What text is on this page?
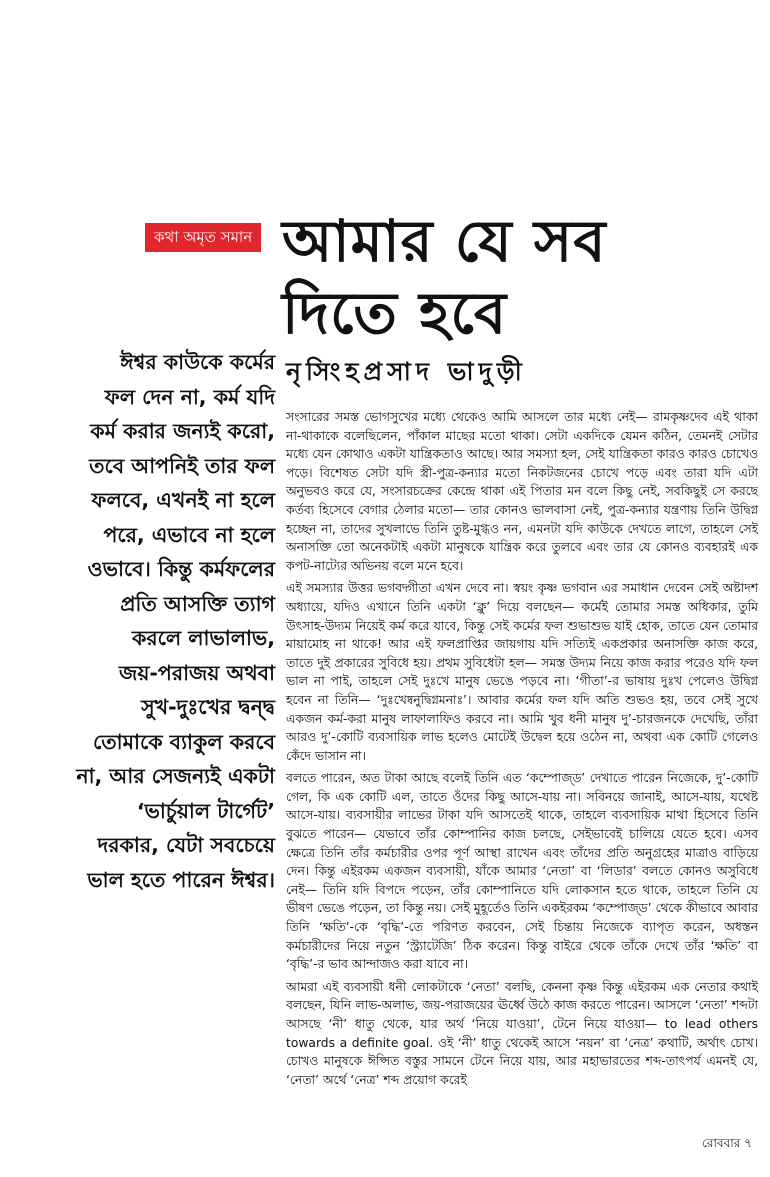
কথা অমৃত সমান আমার যে সব
দিতে হবে
নৃসিংহপ্রসাদ ভাদুড়ী
ঈশ্বর কাউকে কর্মের
ফল দেন না, কর্ম যদি
কর্ম করার জন্যই করো,
তবে আপনিই তার ফল
ফলবে, এখনই না হলে
পরে, এভাবে না হলে
ওভাবে। কিন্তু কর্মফলের
প্রতি আসক্তি ত্যাগ
করলে লাভালাভ,
জয়-পরাজয় অথবা
সুখ-দুঃখের দ্বন্দ্ব
তোমাকে ব্যাকুল করবে
না, আর সেজন্যই একটা
‘ভার্চুয়াল টার্গেট’
দরকার, যেটা সবচেয়ে
ভাল হতে পারেন ঈশ্বর।

সংসারের সমস্ত ভোগসুখের মধ্যে থেকেও আমি আসলে তার মধ্যে নেই— রামকৃষ্ণদেব এই থাকা না-থাকাকে বলেছিলেন, পাঁকাল মাছের মতো থাকা। সেটা একদিকে যেমন কঠিন, তেমনই সেটার মধ্যে যেন কোথাও একটা যান্ত্রিকতাও আছে। আর সমস্যা হল, সেই যান্ত্রিকতা কারও কারও চোখেও পড়ে। বিশেষত সেটা যদি স্ত্রী-পুত্র-কন্যার মতো নিকটজনের চোখে পড়ে এবং তারা যদি এটা অনুভবও করে যে, সংসারচক্রের কেন্দ্রে থাকা এই পিতার মন বলে কিছু নেই, সবকিছুই সে করছে কর্তব্য হিসেবে বেগার ঠেলার মতো— তার কোনও ভালবাসা নেই, পুত্র-কন্যার যন্ত্রণায় তিনি উদ্বিগ্ন হচ্ছেন না, তাদের সুখলাভে তিনি তুষ্ট-মুগ্ধও নন, এমনটা যদি কাউকে দেখতে লাগে, তাহলে সেই অনাসক্তি তো অনেকটাই একটা মানুষকে যান্ত্রিক করে তুলবে এবং তার যে কোনও ব্যবহারই এক কপট-নাট্যের অভিনয় বলে মনে হবে।

এই সমস্যার উত্তর ভগবদ্গীতা এখন দেবে না। স্বয়ং কৃষ্ণ ভগবান এর সমাধান দেবেন সেই অষ্টাদশ অধ্যায়ে, যদিও এখানে তিনি একটা ‘ক্লু’ দিয়ে বলছেন— কর্মেই তোমার সমস্ত অধিকার, তুমি উৎসাহ-উদ্যম নিয়েই কর্ম করে যাবে, কিন্তু সেই কর্মের ফল শুভাশুভ যাই হোক, তাতে যেন তোমার মায়ামোহ না থাকে! আর এই ফলপ্রাপ্তির জায়গায় যদি সত্যিই একপ্রকার অনাসক্তি কাজ করে, তাতে দুই প্রকারের সুবিধে হয়। প্রথম সুবিধেটা হল— সমস্ত উদ্যম নিয়ে কাজ করার পরেও যদি ফল ভাল না পাই, তাহলে সেই দুঃখে মানুষ ভেঙে পড়বে না। ‘গীতা’-র ভাষায় দুঃখ পেলেও উদ্বিগ্ন হবেন না তিনি— ‘দুঃখেষ্বনুদ্বিগ্নমনাঃ’। আবার কর্মের ফল যদি অতি শুভও হয়, তবে সেই সুখে একজন কর্ম-করা মানুষ লাফালাফিও করবে না। আমি খুব ধনী মানুষ দু’-চারজনকে দেখেছি, তাঁরা আরও দু’-কোটি ব্যবসায়িক লাভ হলেও মোটেই উদ্বেল হয়ে ওঠেন না, অথবা এক কোটি গেলেও কেঁদে ভাসান না।

বলতে পারেন, অত টাকা আছে বলেই তিনি এত ‘কম্পোজ্‌ড’ দেখাতে পারেন নিজেকে, দু’-কোটি গেল, কি এক কোটি এল, তাতে ওঁদের কিছু আসে-যায় না। সবিনয়ে জানাই, আসে-যায়, যথেষ্ট আসে-যায়। ব্যবসায়ীর লাভের টাকা যদি আসতেই থাকে, তাহলে ব্যবসায়িক মাথা হিসেবে তিনি বুঝতে পারেন— যেভাবে তাঁর কোম্পানির কাজ চলছে, সেইভাবেই চালিয়ে যেতে হবে। এসব ক্ষেত্রে তিনি তাঁর কর্মচারীর ওপর পূর্ণ আস্থা রাখেন এবং তাঁদের প্রতি অনুগ্রহের মাত্রাও বাড়িয়ে দেন। কিন্তু এইরকম একজন ব্যবসায়ী, যাঁকে আমার ‘নেতা’ বা ‘লিডার’ বলতে কোনও অসুবিধে নেই— তিনি যদি বিপদে পড়েন, তাঁর কোম্পানিতে যদি লোকসান হতে থাকে, তাহলে তিনি যে ভীষণ ভেঙে পড়েন, তা কিন্তু নয়। সেই মুহূর্তেও তিনি একইরকম ‘কম্পোজ্‌ড’ থেকে কীভাবে আবার তিনি ‘ক্ষতি’-কে ‘বৃদ্ধি’-তে পরিণত করবেন, সেই চিন্তায় নিজেকে ব্যাপৃত করেন, অধস্তন কর্মচারীদের নিয়ে নতুন ‘স্ট্র্যাটেজি’ ঠিক করেন। কিন্তু বাইরে থেকে তাঁকে দেখে তাঁর ‘ক্ষতি’ বা ‘বৃদ্ধি’-র ভাব আন্দাজও করা যাবে না।

আমরা এই ব্যবসায়ী ধনী লোকটাকে ‘নেতা’ বলছি, কেননা কৃষ্ণ কিন্তু এইরকম এক নেতার কথাই বলছেন, যিনি লাভ-অলাভ, জয়-পরাজয়ের ঊর্ধ্বে উঠে কাজ করতে পারেন। আসলে ‘নেতা’ শব্দটা আসছে ‘নী’ ধাতু থেকে, যার অর্থ ‘নিয়ে যাওয়া’, টেনে নিয়ে যাওয়া— to lead others towards a definite goal. ওই ‘নী’ ধাতু থেকেই আসে ‘নয়ন’ বা ‘নেত্র’ কথাটি, অর্থাৎ চোখ। চোখও মানুষকে ঈপ্সিত বস্তুর সামনে টেনে নিয়ে যায়, আর মহাভারতের শব্দ-তাৎপর্য এমনই যে, ‘নেতা’ অর্থে ‘নেত্র’ শব্দ প্রয়োগ করেই

রোববার ৭
